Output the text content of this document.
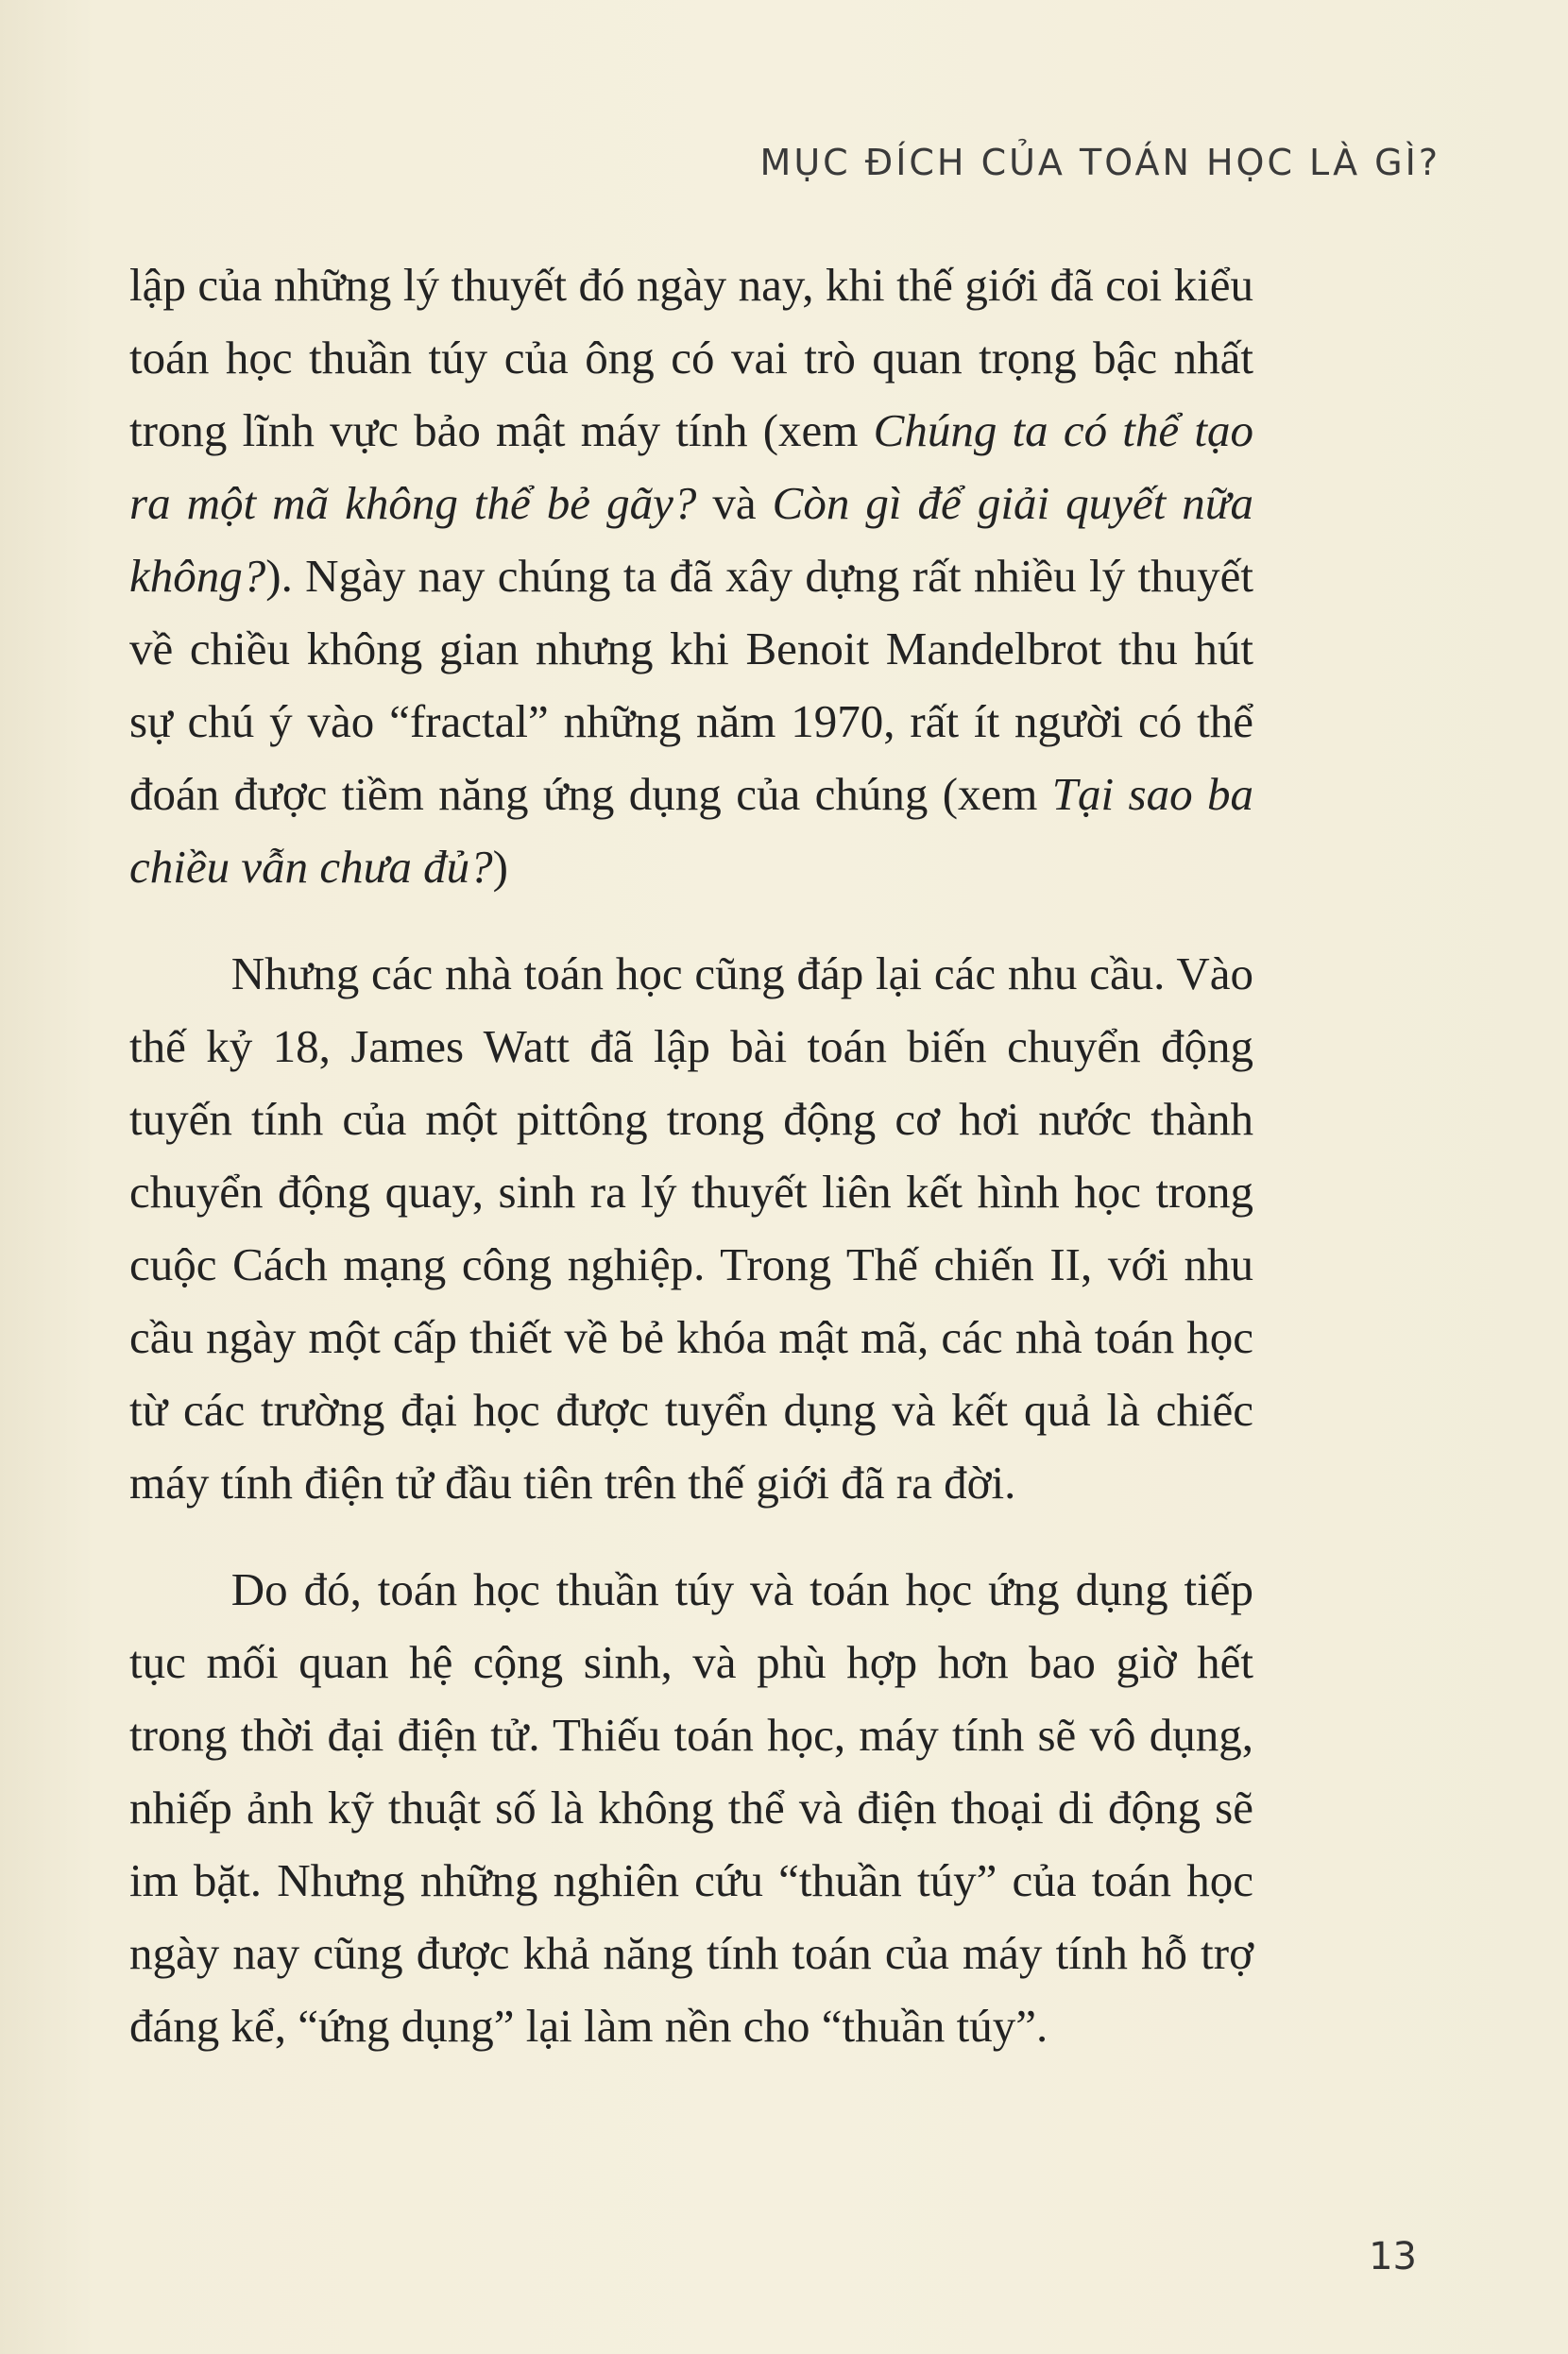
MỤC ĐÍCH CỦA TOÁN HỌC LÀ GÌ?

lập của những lý thuyết đó ngày nay, khi thế giới đã coi kiểu toán học thuần túy của ông có vai trò quan trọng bậc nhất trong lĩnh vực bảo mật máy tính (xem Chúng ta có thể tạo ra một mã không thể bẻ gãy? và Còn gì để giải quyết nữa không?). Ngày nay chúng ta đã xây dựng rất nhiều lý thuyết về chiều không gian nhưng khi Benoit Mandelbrot thu hút sự chú ý vào “fractal” những năm 1970, rất ít người có thể đoán được tiềm năng ứng dụng của chúng (xem Tại sao ba chiều vẫn chưa đủ?)

Nhưng các nhà toán học cũng đáp lại các nhu cầu. Vào thế kỷ 18, James Watt đã lập bài toán biến chuyển động tuyến tính của một pittông trong động cơ hơi nước thành chuyển động quay, sinh ra lý thuyết liên kết hình học trong cuộc Cách mạng công nghiệp. Trong Thế chiến II, với nhu cầu ngày một cấp thiết về bẻ khóa mật mã, các nhà toán học từ các trường đại học được tuyển dụng và kết quả là chiếc máy tính điện tử đầu tiên trên thế giới đã ra đời.

Do đó, toán học thuần túy và toán học ứng dụng tiếp tục mối quan hệ cộng sinh, và phù hợp hơn bao giờ hết trong thời đại điện tử. Thiếu toán học, máy tính sẽ vô dụng, nhiếp ảnh kỹ thuật số là không thể và điện thoại di động sẽ im bặt. Nhưng những nghiên cứu “thuần túy” của toán học ngày nay cũng được khả năng tính toán của máy tính hỗ trợ đáng kể, “ứng dụng” lại làm nền cho “thuần túy”.

13
